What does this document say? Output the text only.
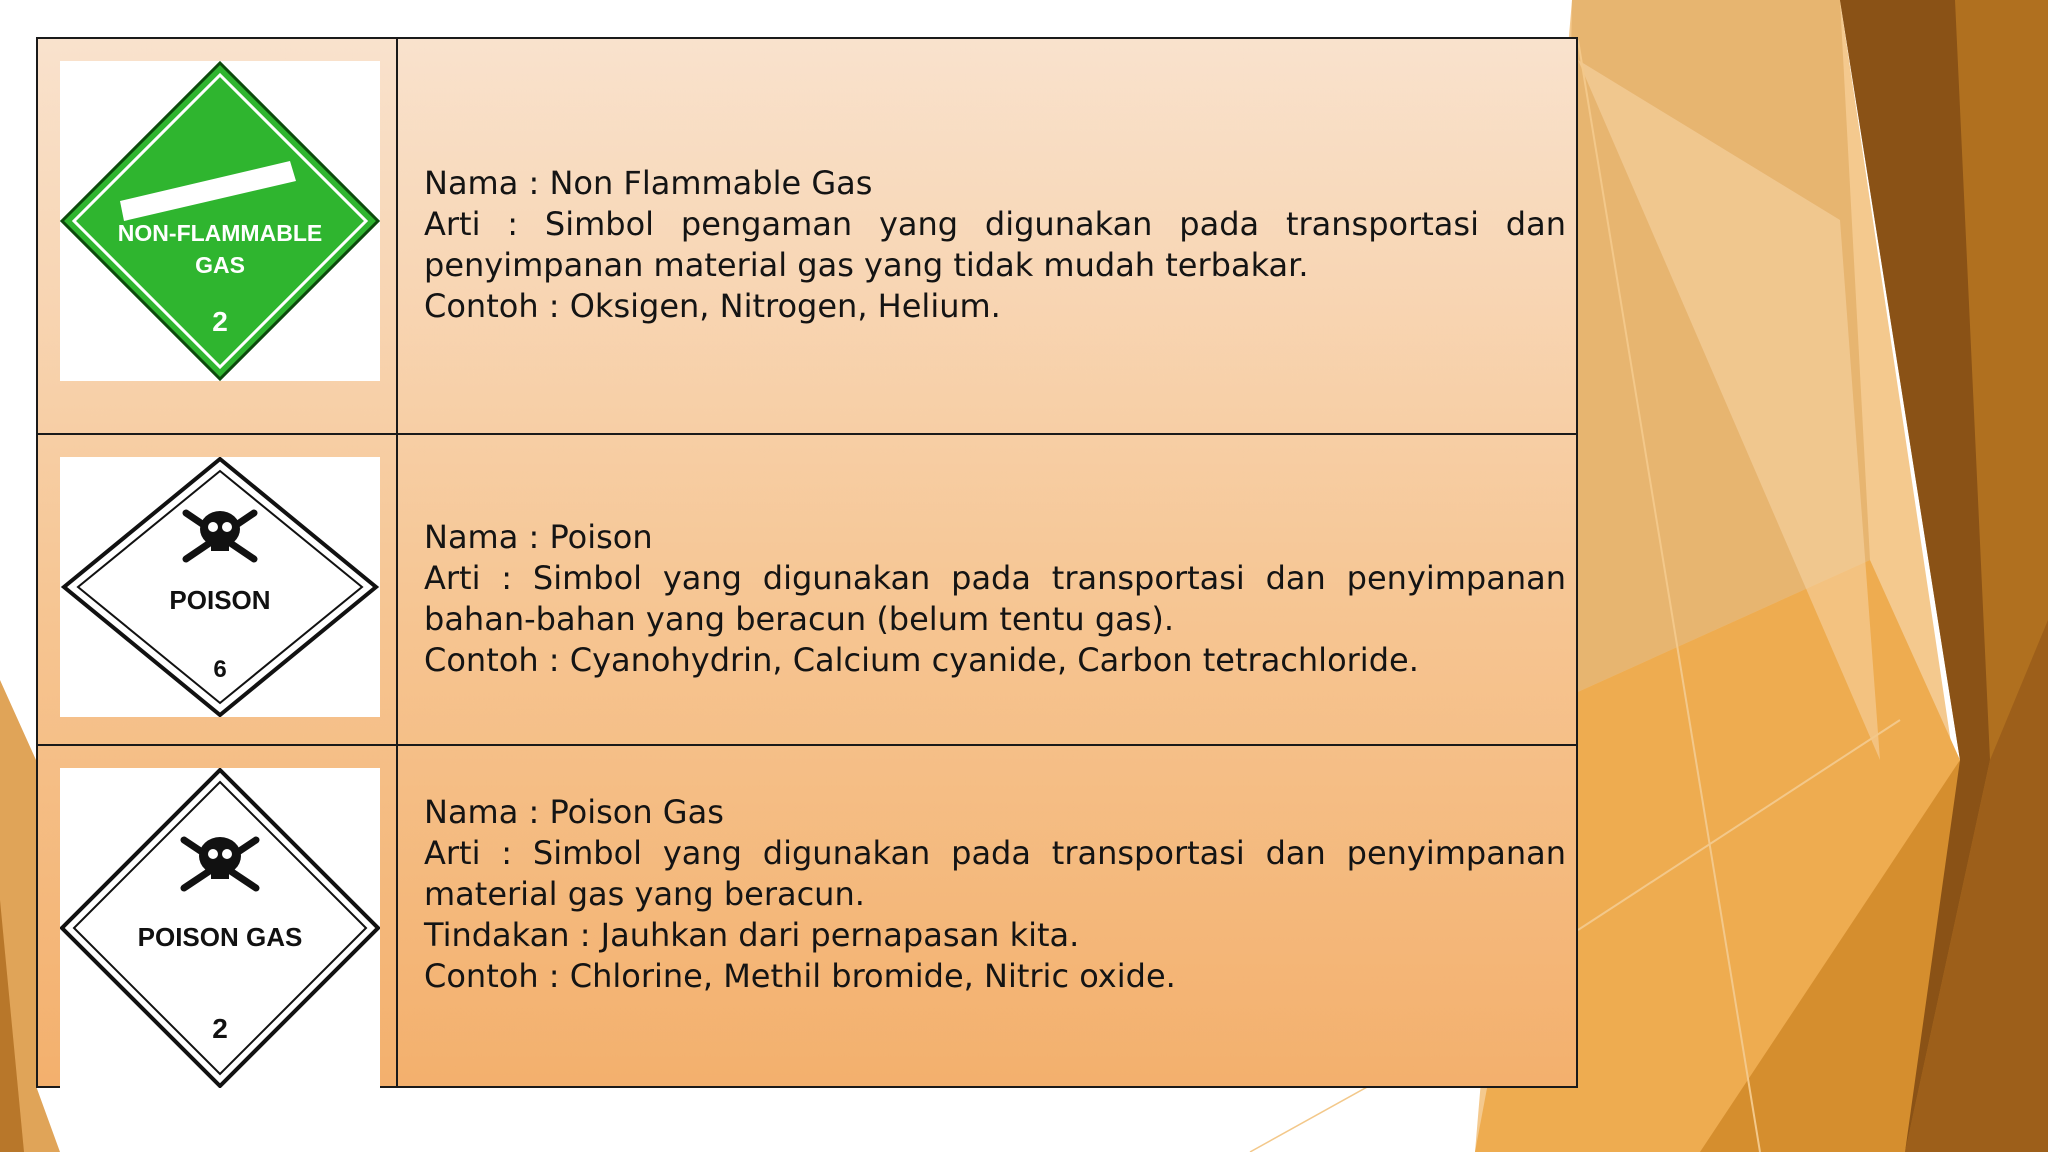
NON-FLAMMABLE
GAS
2	Nama : Non Flammable Gas
Arti : Simbol pengaman yang digunakan pada transportasi dan penyimpanan material gas yang tidak mudah terbakar.
Contoh : Oksigen, Nitrogen, Helium.

POISON
6	Nama : Poison
Arti : Simbol yang digunakan pada transportasi dan penyimpanan bahan-bahan yang beracun (belum tentu gas).
Contoh : Cyanohydrin, Calcium cyanide, Carbon tetrachloride.

POISON GAS
2	Nama : Poison Gas
Arti : Simbol yang digunakan pada transportasi dan penyimpanan material gas yang beracun.
Tindakan : Jauhkan dari pernapasan kita.
Contoh : Chlorine, Methil bromide, Nitric oxide.
